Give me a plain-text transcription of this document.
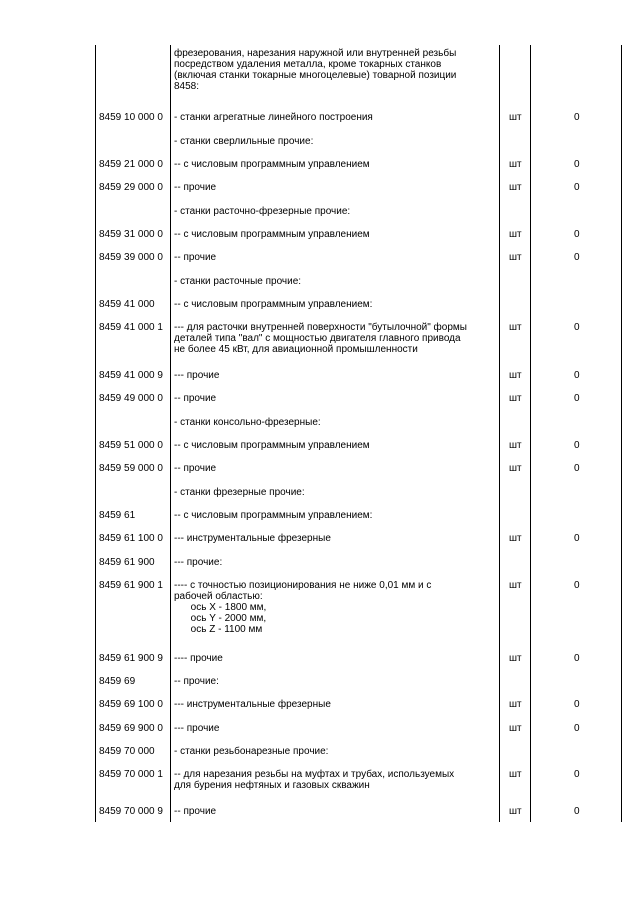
фрезерования, нарезания наружной или внутренней резьбы
посредством удаления металла, кроме токарных станков
(включая станки токарные многоцелевые) товарной позиции
8458:
8459 10 000 0 - станки агрегатные линейного построения	шт	0
- станки сверлильные прочие:
8459 21 000 0 -- с числовым программным управлением	шт	0
8459 29 000 0 -- прочие	шт	0
- станки расточно-фрезерные прочие:
8459 31 000 0 -- с числовым программным управлением	шт	0
8459 39 000 0 -- прочие	шт	0
- станки расточные прочие:
8459 41 000 -- с числовым программным управлением:
8459 41 000 1 --- для расточки внутренней поверхности "бутылочной" формы
деталей типа "вал" с мощностью двигателя главного привода
не более 45 кВт, для авиационной промышленности
шт	0
8459 41 000 9 --- прочие	шт	0
8459 49 000 0 -- прочие	шт	0
- станки консольно-фрезерные:
8459 51 000 0 -- с числовым программным управлением	шт	0
8459 59 000 0 -- прочие	шт	0
- станки фрезерные прочие:
8459 61	-- с числовым программным управлением:
8459 61 100 0 --- инструментальные фрезерные	шт	0
8459 61 900 --- прочие:
8459 61 900 1 ---- с точностью позиционирования не ниже 0,01 мм и с
рабочей областью:
ось X - 1800 мм,
ось Y - 2000 мм,
ось Z - 1100 мм
шт	0
8459 61 900 9 ---- прочие	шт	0
8459 69	-- прочие:
8459 69 100 0 --- инструментальные фрезерные	шт	0
8459 69 900 0 --- прочие	шт	0
8459 70 000 - станки резьбонарезные прочие:
8459 70 000 1 -- для нарезания резьбы на муфтах и трубах, используемых
для бурения нефтяных и газовых скважин
шт	0
8459 70 000 9 -- прочие	шт	0
